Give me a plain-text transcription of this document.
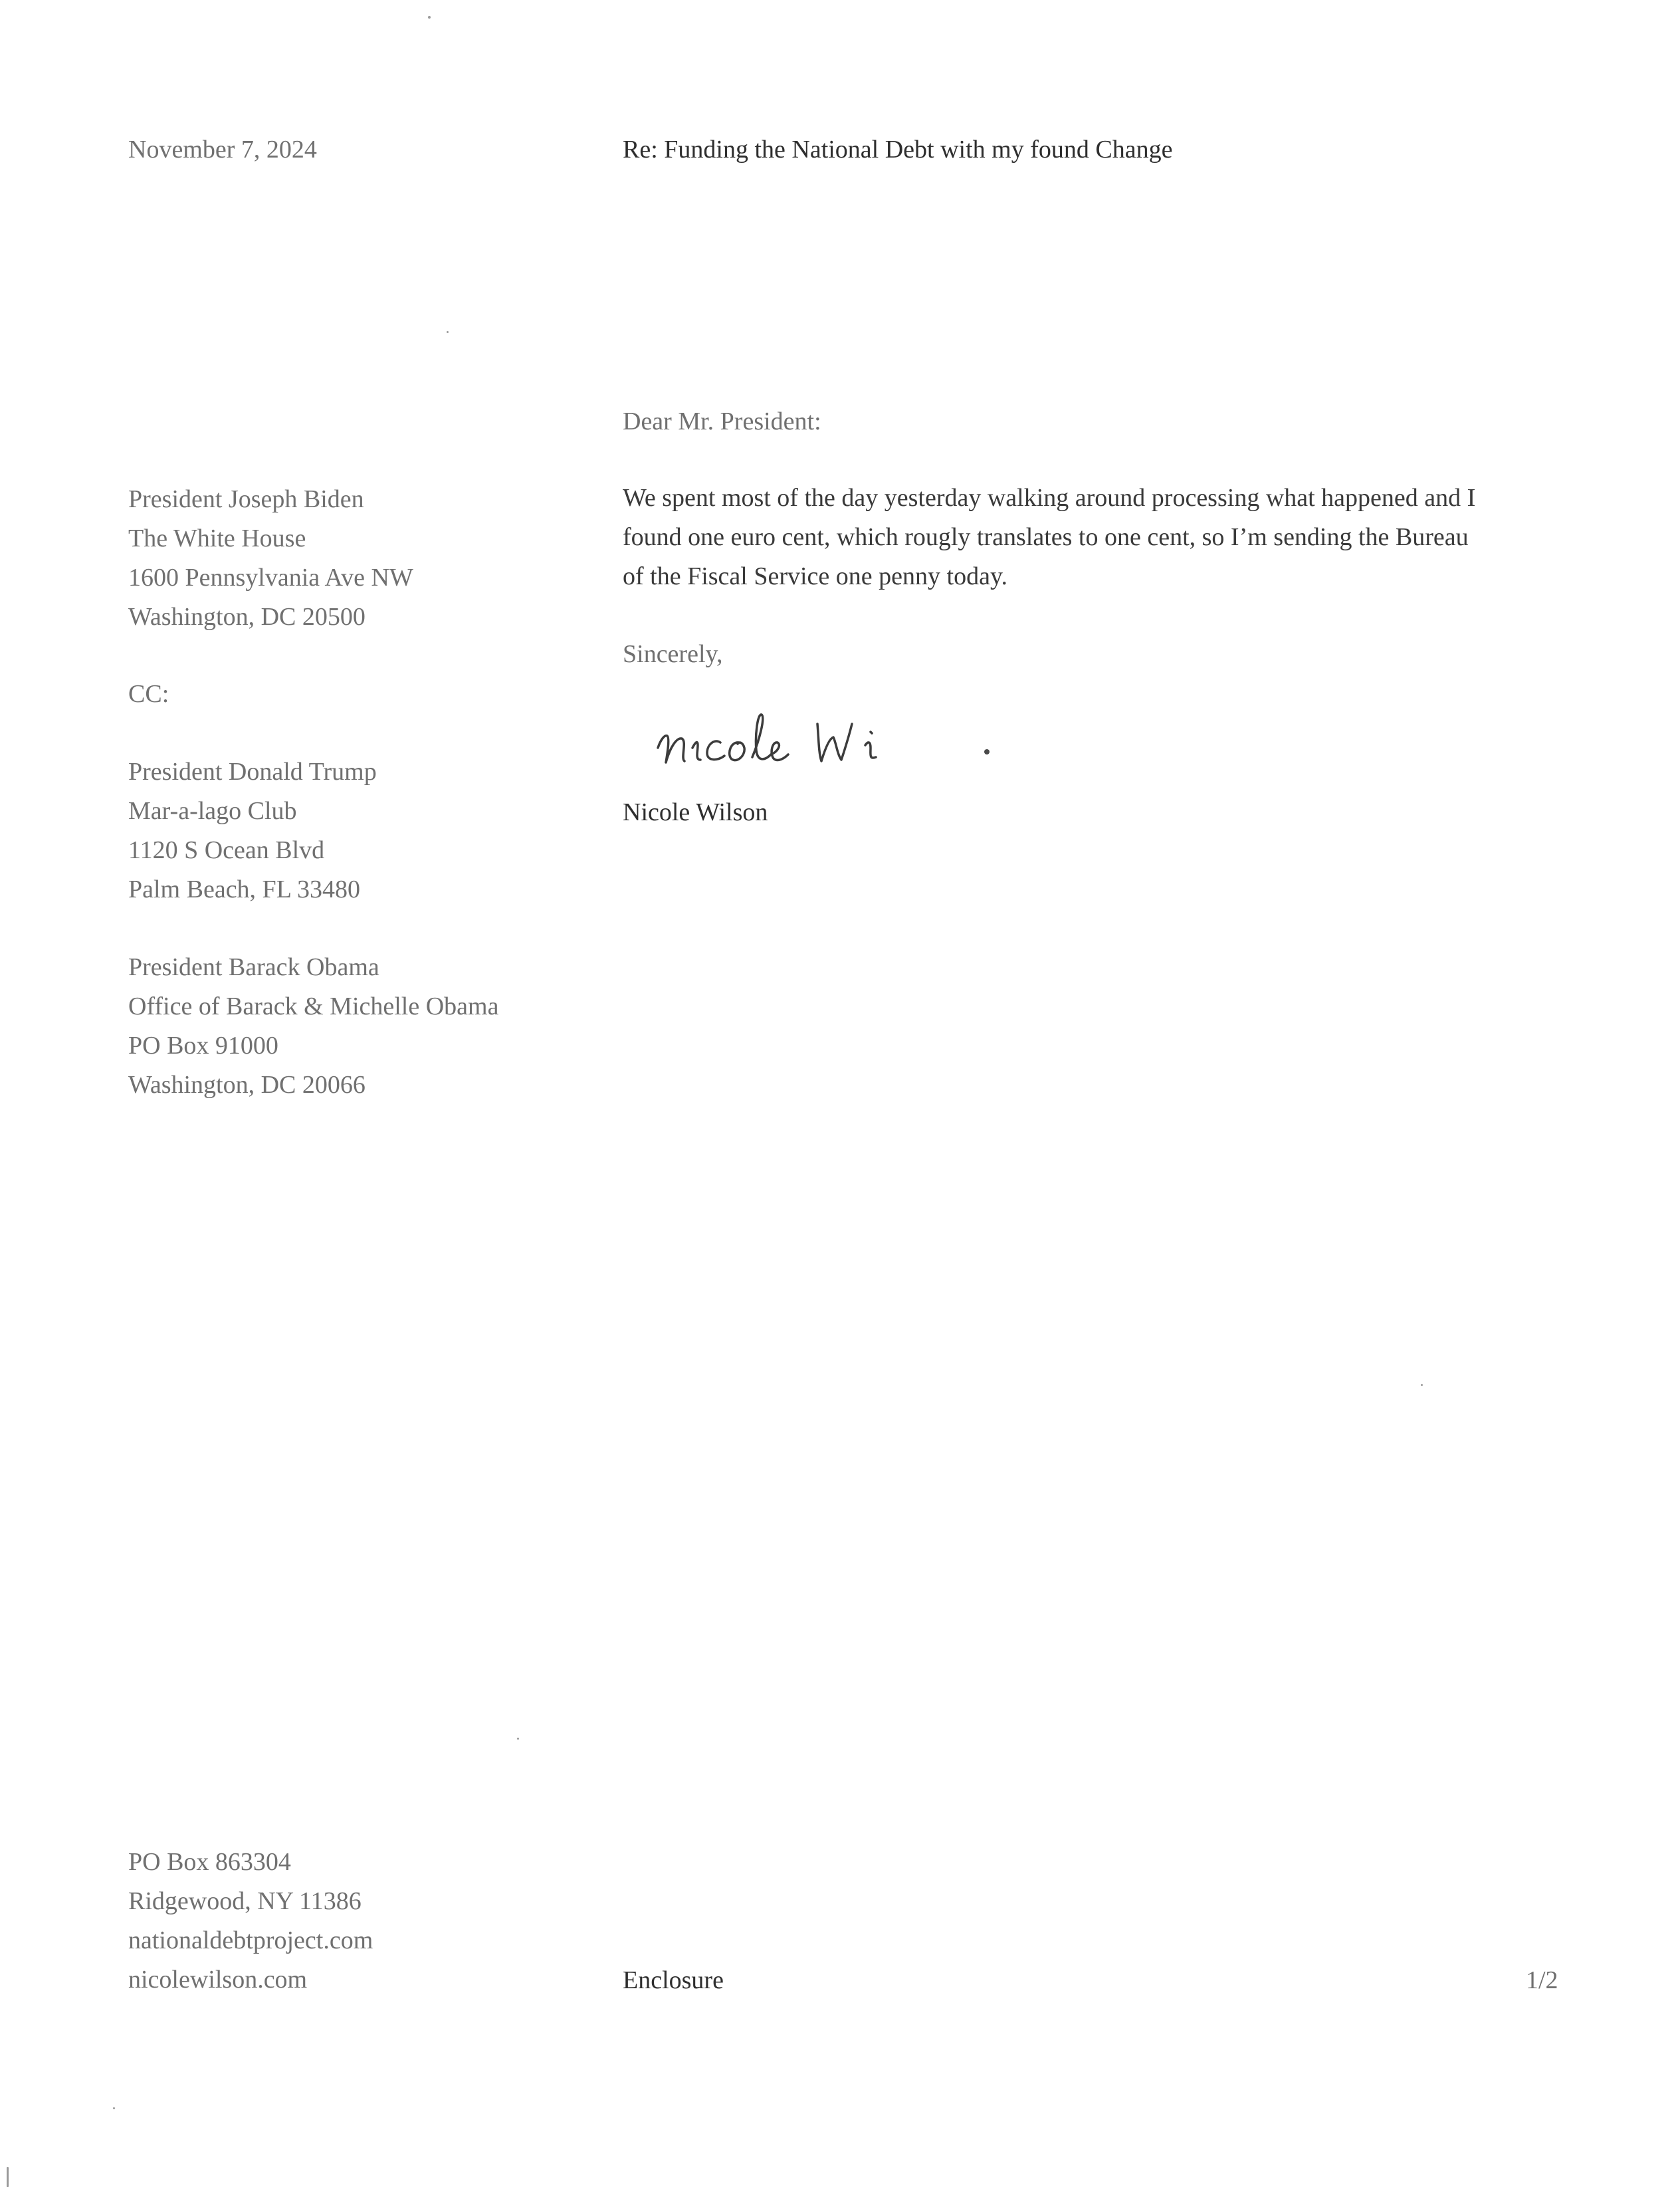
November 7, 2024	Re: Funding the National Debt with my found Change
Dear Mr. President:
President Joseph Biden
The White House
1600 Pennsylvania Ave NW
Washington, DC 20500
We spent most of the day yesterday walking around processing what happened and I
found one euro cent, which rougly translates to one cent, so I’m sending the Bureau
of the Fiscal Service one penny today.
Sincerely,
Nicole Wilson
CC:
President Donald Trump
Mar-a-lago Club
1120 S Ocean Blvd
Palm Beach, FL 33480
President Barack Obama
Office of Barack & Michelle Obama
PO Box 91000
Washington, DC 20066
PO Box 863304
Ridgewood, NY 11386
nationaldebtproject.com
nicolewilson.com	Enclosure	1/2
